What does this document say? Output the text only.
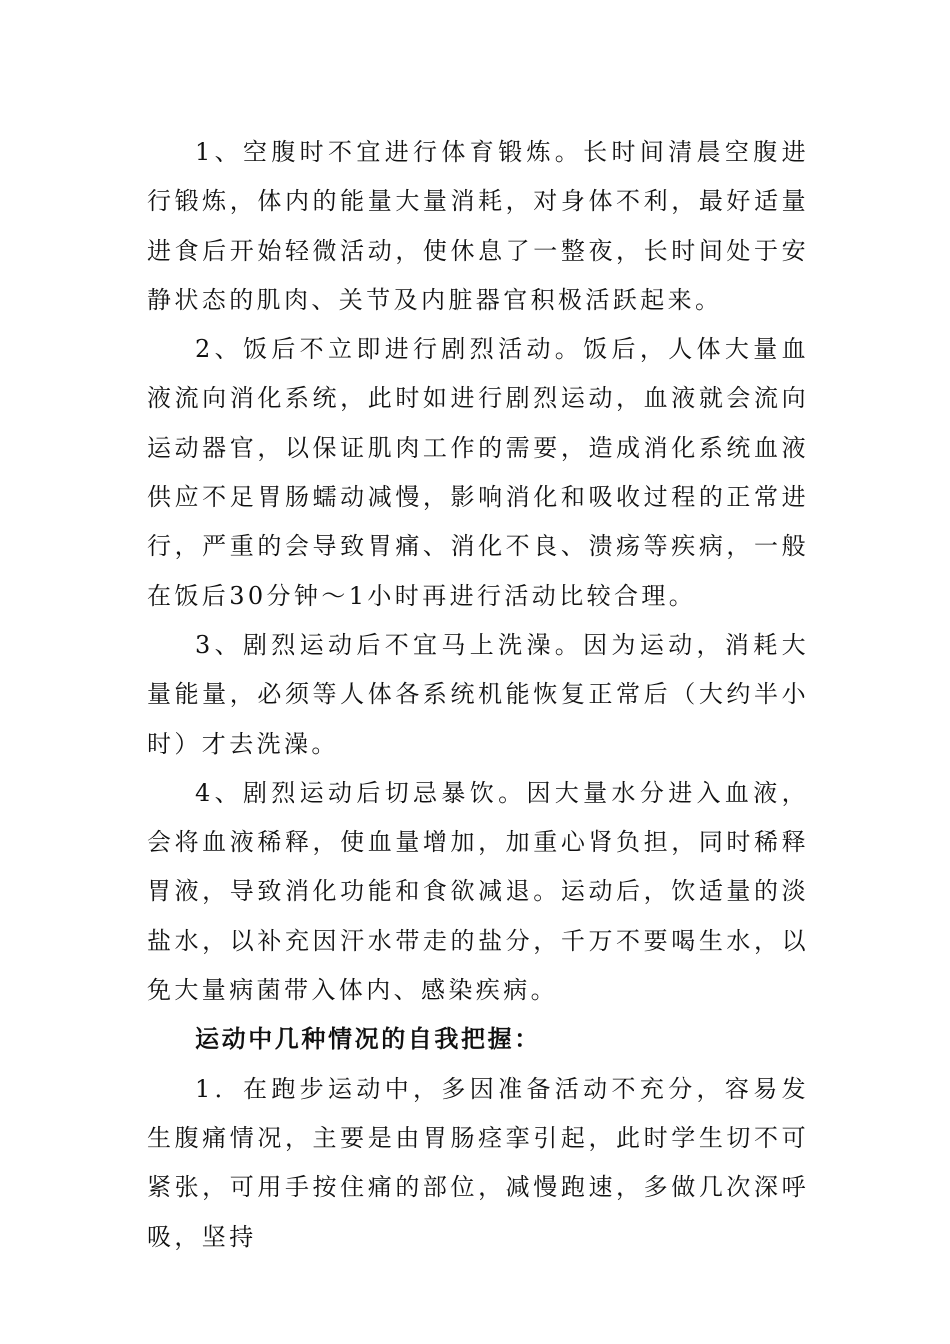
1、空腹时不宜进行体育锻炼。长时间清晨空腹进行锻炼，体内的能量大量消耗，对身体不利，最好适量进食后开始轻微活动，使休息了一整夜，长时间处于安静状态的肌肉、关节及内脏器官积极活跃起来。

2、饭后不立即进行剧烈活动。饭后，人体大量血液流向消化系统，此时如进行剧烈运动，血液就会流向运动器官，以保证肌肉工作的需要，造成消化系统血液供应不足胃肠蠕动减慢，影响消化和吸收过程的正常进行，严重的会导致胃痛、消化不良、溃疡等疾病，一般在饭后30分钟～1小时再进行活动比较合理。

3、剧烈运动后不宜马上洗澡。因为运动，消耗大量能量，必须等人体各系统机能恢复正常后（大约半小时）才去洗澡。

4、剧烈运动后切忌暴饮。因大量水分进入血液，会将血液稀释，使血量增加，加重心肾负担，同时稀释胃液，导致消化功能和食欲减退。运动后，饮适量的淡盐水，以补充因汗水带走的盐分，千万不要喝生水，以免大量病菌带入体内、感染疾病。

运动中几种情况的自我把握：

1．在跑步运动中，多因准备活动不充分，容易发生腹痛情况，主要是由胃肠痉挛引起，此时学生切不可紧张，可用手按住痛的部位，减慢跑速，多做几次深呼吸，坚持
